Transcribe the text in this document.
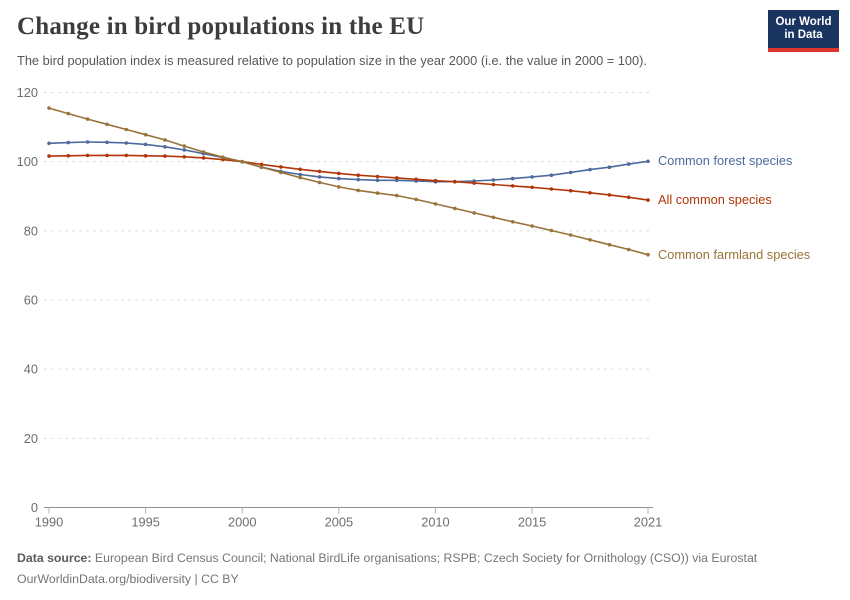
Change in bird populations in the EU	Our World
in Data
The bird population index is measured relative to population size in the year 2000 (i.e. the value in 2000 = 100).
0
20
40
60
80
100
120
1990	1995	2000	2005	2010	2015	2021
Common forest species
All common species
Common farmland species
Data source: European Bird Census Council; National BirdLife organisations; RSPB; Czech Society for Ornithology (CSO)) via Eurostat
OurWorldinData.org/biodiversity | CC BY
